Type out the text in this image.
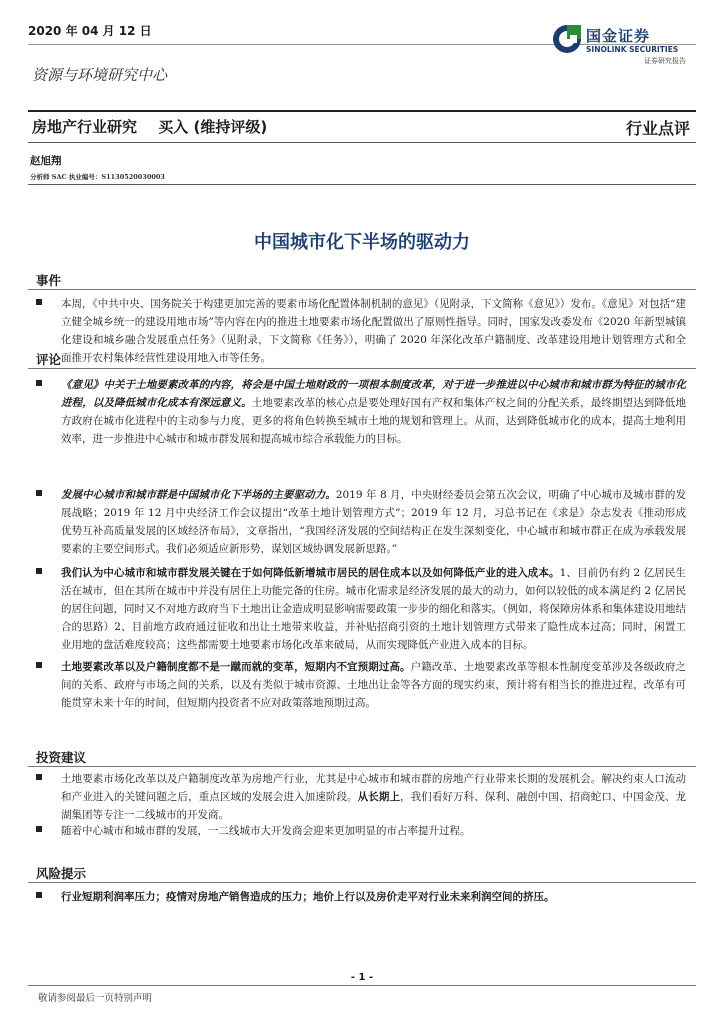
2020 年 04 月 12 日	国金证券
SINOLINK SECURITIES
证券研究报告
资源与环境研究中心
房地产行业研究 买入 (维持评级)	行业点评
赵旭翔
分析师 SAC 执业编号：S1130520030003
中国城市化下半场的驱动力
事件
本周，《中共中央、国务院关于构建更加完善的要素市场化配置体制机制的意见》（见附录，下文简称《意见》）发布。《意见》对包括“建立健全城乡统一的建设用地市场”等内容在内的推进土地要素市场化配置做出了原则性指导。同时，国家发改委发布《2020 年新型城镇化建设和城乡融合发展重点任务》（见附录，下文简称《任务》），明确了 2020 年深化改革户籍制度、改革建设用地计划管理方式和全面推开农村集体经营性建设用地入市等任务。
评论
《意见》中关于土地要素改革的内容，将会是中国土地财政的一项根本制度改革，对于进一步推进以中心城市和城市群为特征的城市化进程，以及降低城市化成本有深远意义。土地要素改革的核心点是要处理好国有产权和集体产权之间的分配关系，最终期望达到降低地方政府在城市化进程中的主动参与力度，更多的将角色转换至城市土地的规划和管理上。从而，达到降低城市化的成本，提高土地利用效率，进一步推进中心城市和城市群发展和提高城市综合承载能力的目标。
发展中心城市和城市群是中国城市化下半场的主要驱动力。2019 年 8 月，中央财经委员会第五次会议，明确了中心城市及城市群的发展战略；2019 年 12 月中央经济工作会议提出“改革土地计划管理方式”；2019 年 12 月，习总书记在《求是》杂志发表《推动形成优势互补高质量发展的区域经济布局》，文章指出，“我国经济发展的空间结构正在发生深刻变化，中心城市和城市群正在成为承载发展要素的主要空间形式。我们必须适应新形势，谋划区域协调发展新思路。”
我们认为中心城市和城市群发展关键在于如何降低新增城市居民的居住成本以及如何降低产业的进入成本。1、目前仍有约 2 亿居民生活在城市，但在其所在城市中并没有居住上功能完备的住房。城市化需求是经济发展的最大的动力，如何以较低的成本满足约 2 亿居民的居住问题，同时又不对地方政府当下土地出让金造成明显影响需要政策一步步的细化和落实。（例如，将保障房体系和集体建设用地结合的思路）2、目前地方政府通过征收和出让土地带来收益，并补贴招商引资的土地计划管理方式带来了隐性成本过高；同时，闲置工业用地的盘活难度较高；这些都需要土地要素市场化改革来破局，从而实现降低产业进入成本的目标。
土地要素改革以及户籍制度都不是一蹴而就的变革，短期内不宜预期过高。户籍改革、土地要素改革等根本性制度变革涉及各级政府之间的关系、政府与市场之间的关系，以及有类似于城市资源、土地出让金等各方面的现实约束，预计将有相当长的推进过程，改革有可能贯穿未来十年的时间，但短期内投资者不应对政策落地预期过高。
投资建议
土地要素市场化改革以及户籍制度改革为房地产行业，尤其是中心城市和城市群的房地产行业带来长期的发展机会。解决约束人口流动和产业进入的关键问题之后，重点区域的发展会进入加速阶段。从长期上，我们看好万科、保利、融创中国、招商蛇口、中国金茂、龙湖集团等专注一二线城市的开发商。
随着中心城市和城市群的发展，一二线城市大开发商会迎来更加明显的市占率提升过程。
风险提示
行业短期利润率压力；疫情对房地产销售造成的压力；地价上行以及房价走平对行业未来利润空间的挤压。
- 1 -
敬请参阅最后一页特别声明
